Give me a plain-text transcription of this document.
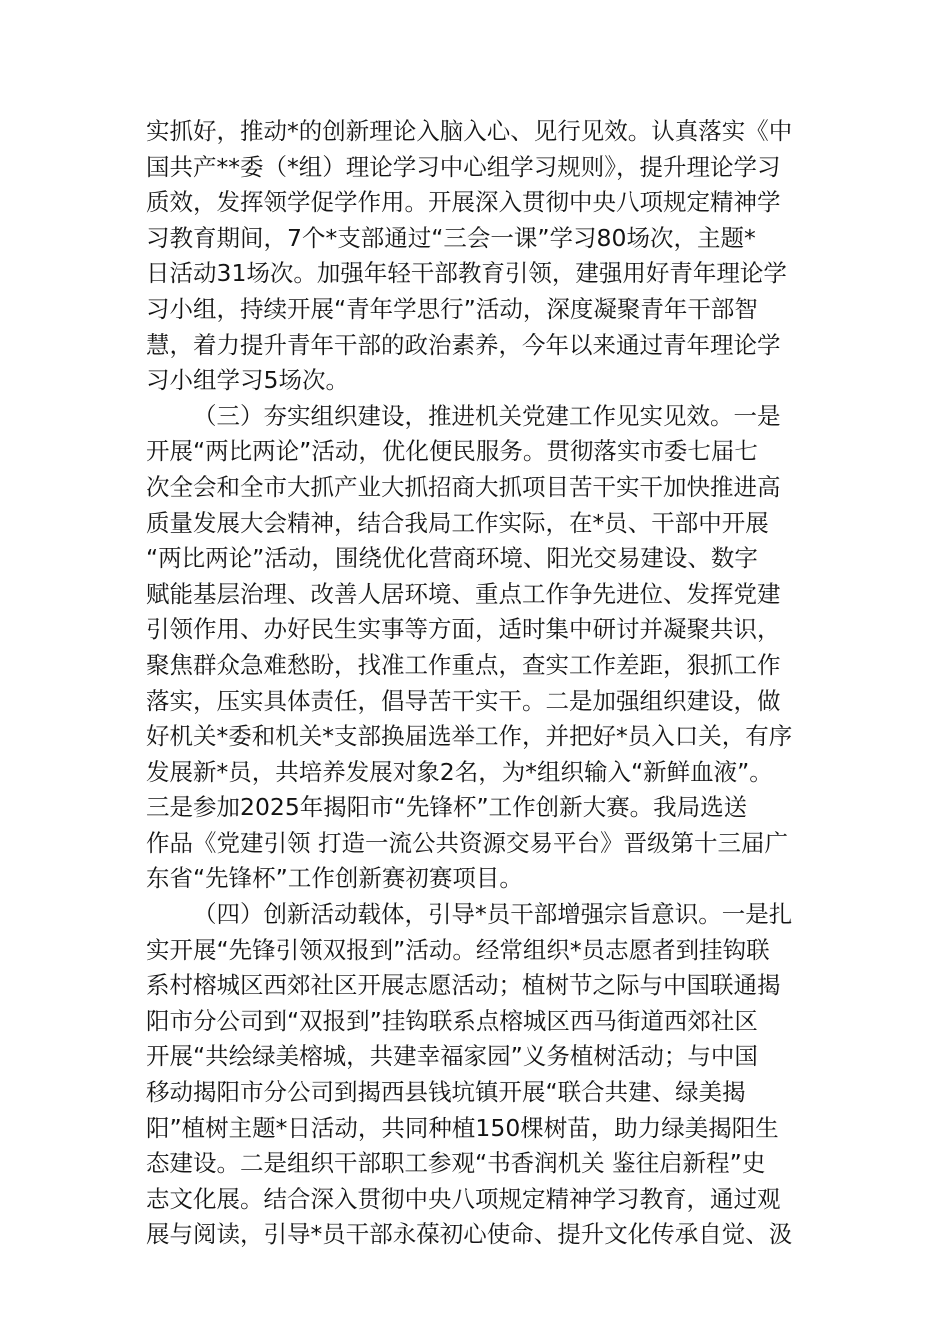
实抓好，推动*的创新理论入脑入心、见行见效。认真落实《中
国共产**委（*组）理论学习中心组学习规则》，提升理论学习
质效，发挥领学促学作用。开展深入贯彻中央八项规定精神学
习教育期间，7个*支部通过“三会一课”学习80场次，主题*
日活动31场次。加强年轻干部教育引领，建强用好青年理论学
习小组，持续开展“青年学思行”活动，深度凝聚青年干部智
慧，着力提升青年干部的政治素养，今年以来通过青年理论学
习小组学习5场次。
（三）夯实组织建设，推进机关党建工作见实见效。一是
开展“两比两论”活动，优化便民服务。贯彻落实市委七届七
次全会和全市大抓产业大抓招商大抓项目苦干实干加快推进高
质量发展大会精神，结合我局工作实际，在*员、干部中开展
“两比两论”活动，围绕优化营商环境、阳光交易建设、数字
赋能基层治理、改善人居环境、重点工作争先进位、发挥党建
引领作用、办好民生实事等方面，适时集中研讨并凝聚共识，
聚焦群众急难愁盼，找准工作重点，查实工作差距，狠抓工作
落实，压实具体责任，倡导苦干实干。二是加强组织建设，做
好机关*委和机关*支部换届选举工作，并把好*员入口关，有序
发展新*员，共培养发展对象2名，为*组织输入“新鲜血液”。
三是参加2025年揭阳市“先锋杯”工作创新大赛。我局选送
作品《党建引领 打造一流公共资源交易平台》晋级第十三届广
东省“先锋杯”工作创新赛初赛项目。
（四）创新活动载体，引导*员干部增强宗旨意识。一是扎
实开展“先锋引领双报到”活动。经常组织*员志愿者到挂钩联
系村榕城区西郊社区开展志愿活动；植树节之际与中国联通揭
阳市分公司到“双报到”挂钩联系点榕城区西马街道西郊社区
开展“共绘绿美榕城，共建幸福家园”义务植树活动；与中国
移动揭阳市分公司到揭西县钱坑镇开展“联合共建、绿美揭
阳”植树主题*日活动，共同种植150棵树苗，助力绿美揭阳生
态建设。二是组织干部职工参观“书香润机关 鉴往启新程”史
志文化展。结合深入贯彻中央八项规定精神学习教育，通过观
展与阅读，引导*员干部永葆初心使命、提升文化传承自觉、汲
